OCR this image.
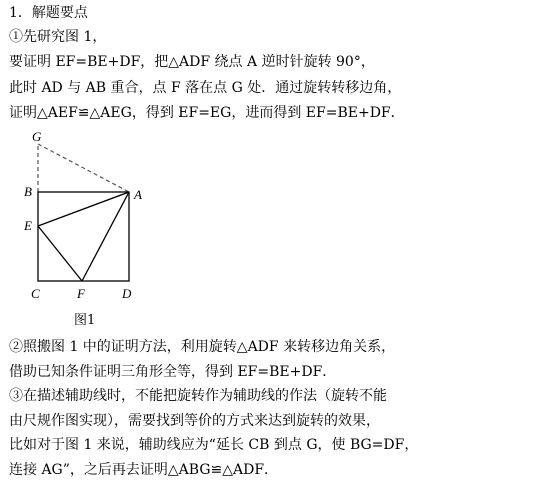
1．解题要点
①先研究图 1，
要证明 EF=BE+DF，把△ADF 绕点 A 逆时针旋转 90°，
此时 AD 与 AB 重合，点 F 落在点 G 处．通过旋转转移边角，
证明△AEF≌△AEG，得到 EF=EG，进而得到 EF=BE+DF．
②照搬图 1 中的证明方法，利用旋转△ADF 来转移边角关系，
借助已知条件证明三角形全等，得到 EF=BE+DF．
③在描述辅助线时，不能把旋转作为辅助线的作法（旋转不能
由尺规作图实现），需要找到等价的方式来达到旋转的效果，
比如对于图 1 来说，辅助线应为“延长 CB 到点 G，使 BG=DF，
连接 AG”，之后再去证明△ABG≌△ADF．
G
B	A
E
C	F	D
图1
